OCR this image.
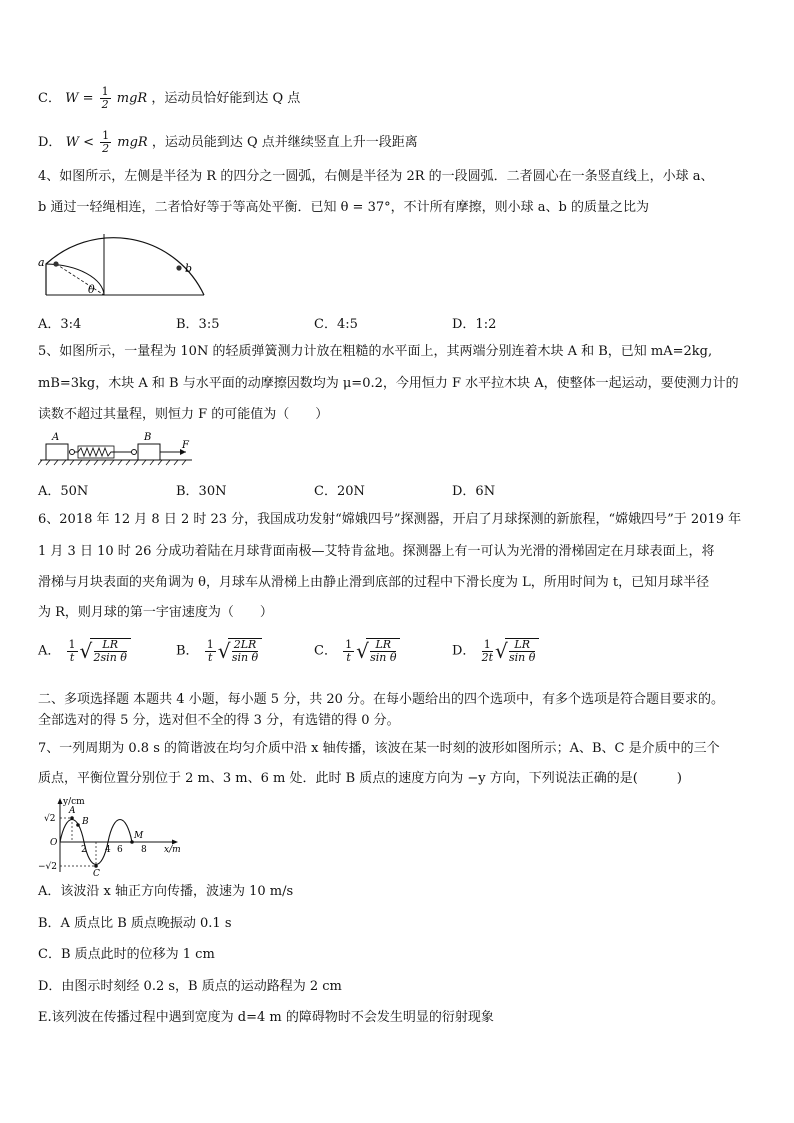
C． $W = \frac{1}{2}$ mgR ，运动员恰好能到达 Q 点
D． $W < \frac{1}{2}$ mgR ，运动员能到达 Q 点并继续竖直上升一段距离
4、如图所示，左侧是半径为 R 的四分之一圆弧，右侧是半径为 2R 的一段圆弧．二者圆心在一条竖直线上，小球 a、
b 通过一轻绳相连，二者恰好等于等高处平衡．已知 θ = 37°，不计所有摩擦，则小球 a、b 的质量之比为
a	b
θ
A．3:4	B．3:5	C．4:5	D．1:2
5、如图所示，一量程为 10N 的轻质弹簧测力计放在粗糙的水平面上，其两端分别连着木块 A 和 B，已知 mA=2kg,
mB=3kg，木块 A 和 B 与水平面的动摩擦因数均为 μ=0.2，今用恒力 F 水平拉木块 A，使整体一起运动，要使测力计的
读数不超过其量程，则恒力 F 的可能值为（　　）
A	B
F
A．50N	B．30N	C．20N	D．6N
6、2018 年 12 月 8 日 2 时 23 分，我国成功发射“嫦娥四号”探测器，开启了月球探测的新旅程，“嫦娥四号”于 2019 年
1 月 3 日 10 时 26 分成功着陆在月球背面南极—艾特肯盆地。探测器上有一可认为光滑的滑梯固定在月球表面上，将
滑梯与月块表面的夹角调为 θ，月球车从滑梯上由静止滑到底部的过程中下滑长度为 L，所用时间为 t，已知月球半径
为 R，则月球的第一宇宙速度为（　　）
A． $\frac{1}{t}$ √ $\frac{LR}{\text{2sin θ}}$	B． $\frac{1}{t}$ √ $\frac{2LR}{\text{sin θ}}$	C． $\frac{1}{t}$ √ $\frac{LR}{\text{sin θ}}$	D． $\frac{1}{2t}$ √ $\frac{LR}{\text{sin θ}}$
二、多项选择题 本题共 4 小题，每小题 5 分，共 20 分。在每小题给出的四个选项中，有多个选项是符合题目要求的。
全部选对的得 5 分，选对但不全的得 3 分，有选错的得 0 分。
7、一列周期为 0.8 s 的简谐波在均匀介质中沿 x 轴传播，该波在某一时刻的波形如图所示；A、B、C 是介质中的三个
质点，平衡位置分别位于 2 m、3 m、6 m 处．此时 B 质点的速度方向为 −y 方向，下列说法正确的是(　　　)
y/cm
x/m
O
√2
−√2
2 4 6 8
A
B
C
M
A．该波沿 x 轴正方向传播，波速为 10 m/s
B．A 质点比 B 质点晚振动 0.1 s
C．B 质点此时的位移为 1 cm
D．由图示时刻经 0.2 s，B 质点的运动路程为 2 cm
E.该列波在传播过程中遇到宽度为 d=4 m 的障碍物时不会发生明显的衍射现象
